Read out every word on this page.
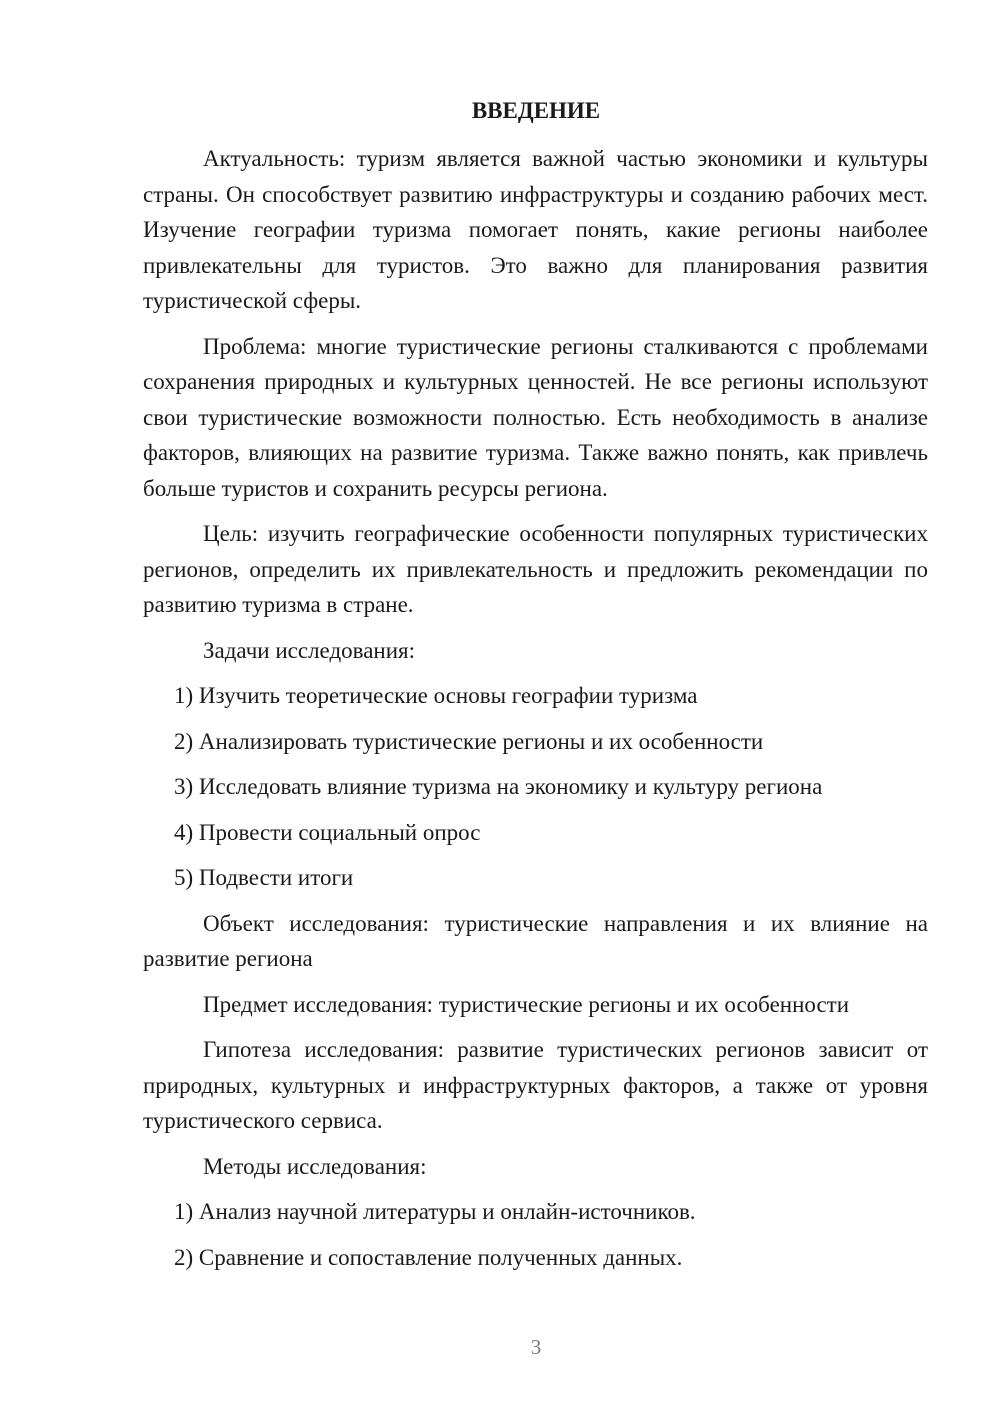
ВВЕДЕНИЕ

Актуальность: туризм является важной частью экономики и культуры страны. Он способствует развитию инфраструктуры и созданию рабочих мест. Изучение географии туризма помогает понять, какие регионы наиболее привлекательны для туристов. Это важно для планирования развития туристической сферы.

Проблема: многие туристические регионы сталкиваются с проблемами сохранения природных и культурных ценностей. Не все регионы используют свои туристические возможности полностью. Есть необходимость в анализе факторов, влияющих на развитие туризма. Также важно понять, как привлечь больше туристов и сохранить ресурсы региона.

Цель: изучить географические особенности популярных туристических регионов, определить их привлекательность и предложить рекомендации по развитию туризма в стране.

Задачи исследования:

1) Изучить теоретические основы географии туризма

2) Анализировать туристические регионы и их особенности

3) Исследовать влияние туризма на экономику и культуру региона

4) Провести социальный опрос

5) Подвести итоги

Объект исследования: туристические направления и их влияние на развитие региона

Предмет исследования: туристические регионы и их особенности

Гипотеза исследования: развитие туристических регионов зависит от природных, культурных и инфраструктурных факторов, а также от уровня туристического сервиса.

Методы исследования:

1) Анализ научной литературы и онлайн-источников.

2) Сравнение и сопоставление полученных данных.

3
